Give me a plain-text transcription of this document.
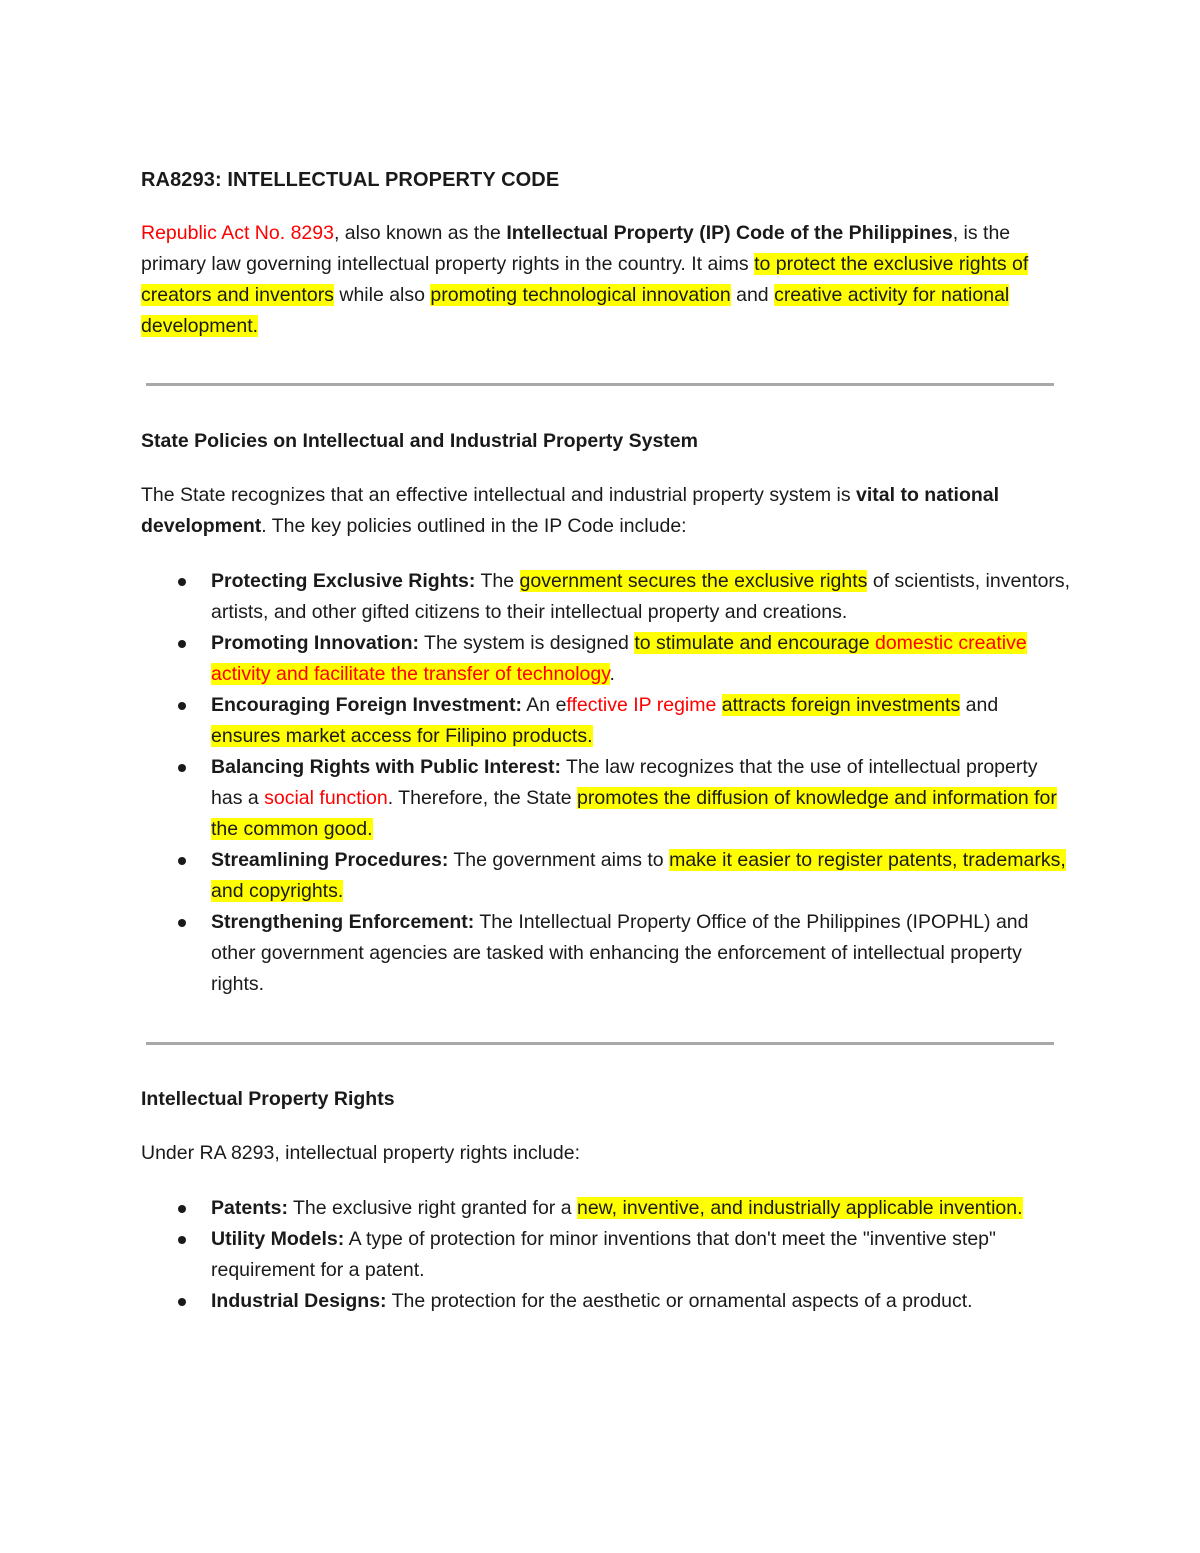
RA8293: INTELLECTUAL PROPERTY CODE

Republic Act No. 8293, also known as the Intellectual Property (IP) Code of the Philippines, is the primary law governing intellectual property rights in the country. It aims to protect the exclusive rights of creators and inventors while also promoting technological innovation and creative activity for national development.

State Policies on Intellectual and Industrial Property System

The State recognizes that an effective intellectual and industrial property system is vital to national development. The key policies outlined in the IP Code include:

Protecting Exclusive Rights: The government secures the exclusive rights of scientists, inventors, artists, and other gifted citizens to their intellectual property and creations.
Promoting Innovation: The system is designed to stimulate and encourage domestic creative activity and facilitate the transfer of technology.
Encouraging Foreign Investment: An effective IP regime attracts foreign investments and ensures market access for Filipino products.
Balancing Rights with Public Interest: The law recognizes that the use of intellectual property has a social function. Therefore, the State promotes the diffusion of knowledge and information for the common good.
Streamlining Procedures: The government aims to make it easier to register patents, trademarks, and copyrights.
Strengthening Enforcement: The Intellectual Property Office of the Philippines (IPOPHL) and other government agencies are tasked with enhancing the enforcement of intellectual property rights.
Intellectual Property Rights

Under RA 8293, intellectual property rights include:

Patents: The exclusive right granted for a new, inventive, and industrially applicable invention.
Utility Models: A type of protection for minor inventions that don't meet the "inventive step" requirement for a patent.
Industrial Designs: The protection for the aesthetic or ornamental aspects of a product.
